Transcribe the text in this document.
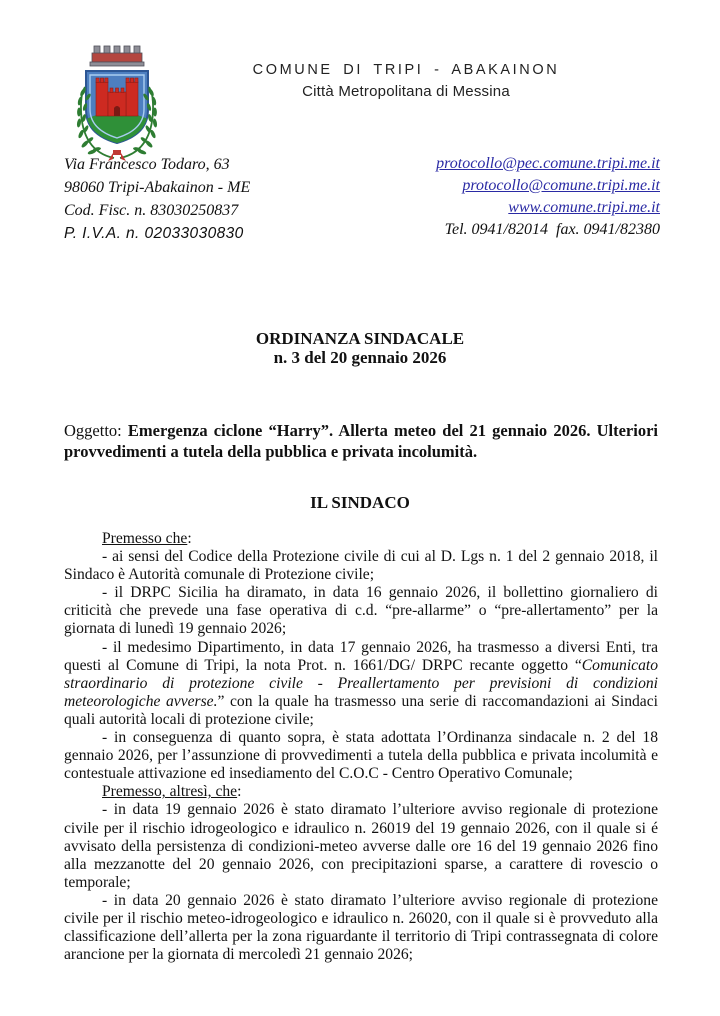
COMUNE DI TRIPI - ABAKAINON
Città Metropolitana di Messina
Via Francesco Todaro, 63
98060 Tripi-Abakainon - ME
Cod. Fisc. n. 83030250837
P. I.V.A. n. 02033030830
protocollo@pec.comune.tripi.me.it
protocollo@comune.tripi.me.it
www.comune.tripi.me.it
Tel. 0941/82014  fax. 0941/82380
ORDINANZA SINDACALE
n. 3 del 20 gennaio 2026

Oggetto: Emergenza ciclone “Harry”. Allerta meteo del 21 gennaio 2026. Ulteriori provvedimenti a tutela della pubblica e privata incolumità.

IL SINDACO

Premesso che:

- ai sensi del Codice della Protezione civile di cui al D. Lgs n. 1 del 2 gennaio 2018, il Sindaco è Autorità comunale di Protezione civile;

- il DRPC Sicilia ha diramato, in data 16 gennaio 2026, il bollettino giornaliero di criticità che prevede una fase operativa di c.d. “pre-allarme” o “pre-allertamento” per la giornata di lunedì 19 gennaio 2026;

- il medesimo Dipartimento, in data 17 gennaio 2026, ha trasmesso a diversi Enti, tra questi al Comune di Tripi, la nota Prot. n. 1661/DG/ DRPC recante oggetto “Comunicato straordinario di protezione civile - Preallertamento per previsioni di condizioni meteorologiche avverse.” con la quale ha trasmesso una serie di raccomandazioni ai Sindaci quali autorità locali di protezione civile;

- in conseguenza di quanto sopra, è stata adottata l’Ordinanza sindacale n. 2 del 18 gennaio 2026, per l’assunzione di provvedimenti a tutela della pubblica e privata incolumità e contestuale attivazione ed insediamento del C.O.C - Centro Operativo Comunale;

Premesso, altresì, che:

- in data 19 gennaio 2026 è stato diramato l’ulteriore avviso regionale di protezione civile per il rischio idrogeologico e idraulico n. 26019 del 19 gennaio 2026, con il quale si é avvisato della persistenza di condizioni-meteo avverse dalle ore 16 del 19 gennaio 2026 fino alla mezzanotte del 20 gennaio 2026, con precipitazioni sparse, a carattere di rovescio o temporale;

- in data 20 gennaio 2026 è stato diramato l’ulteriore avviso regionale di protezione civile per il rischio meteo-idrogeologico e idraulico n. 26020, con il quale si è provveduto alla classificazione dell’allerta per la zona riguardante il territorio di Tripi contrassegnata di colore arancione per la giornata di mercoledì 21 gennaio 2026;
